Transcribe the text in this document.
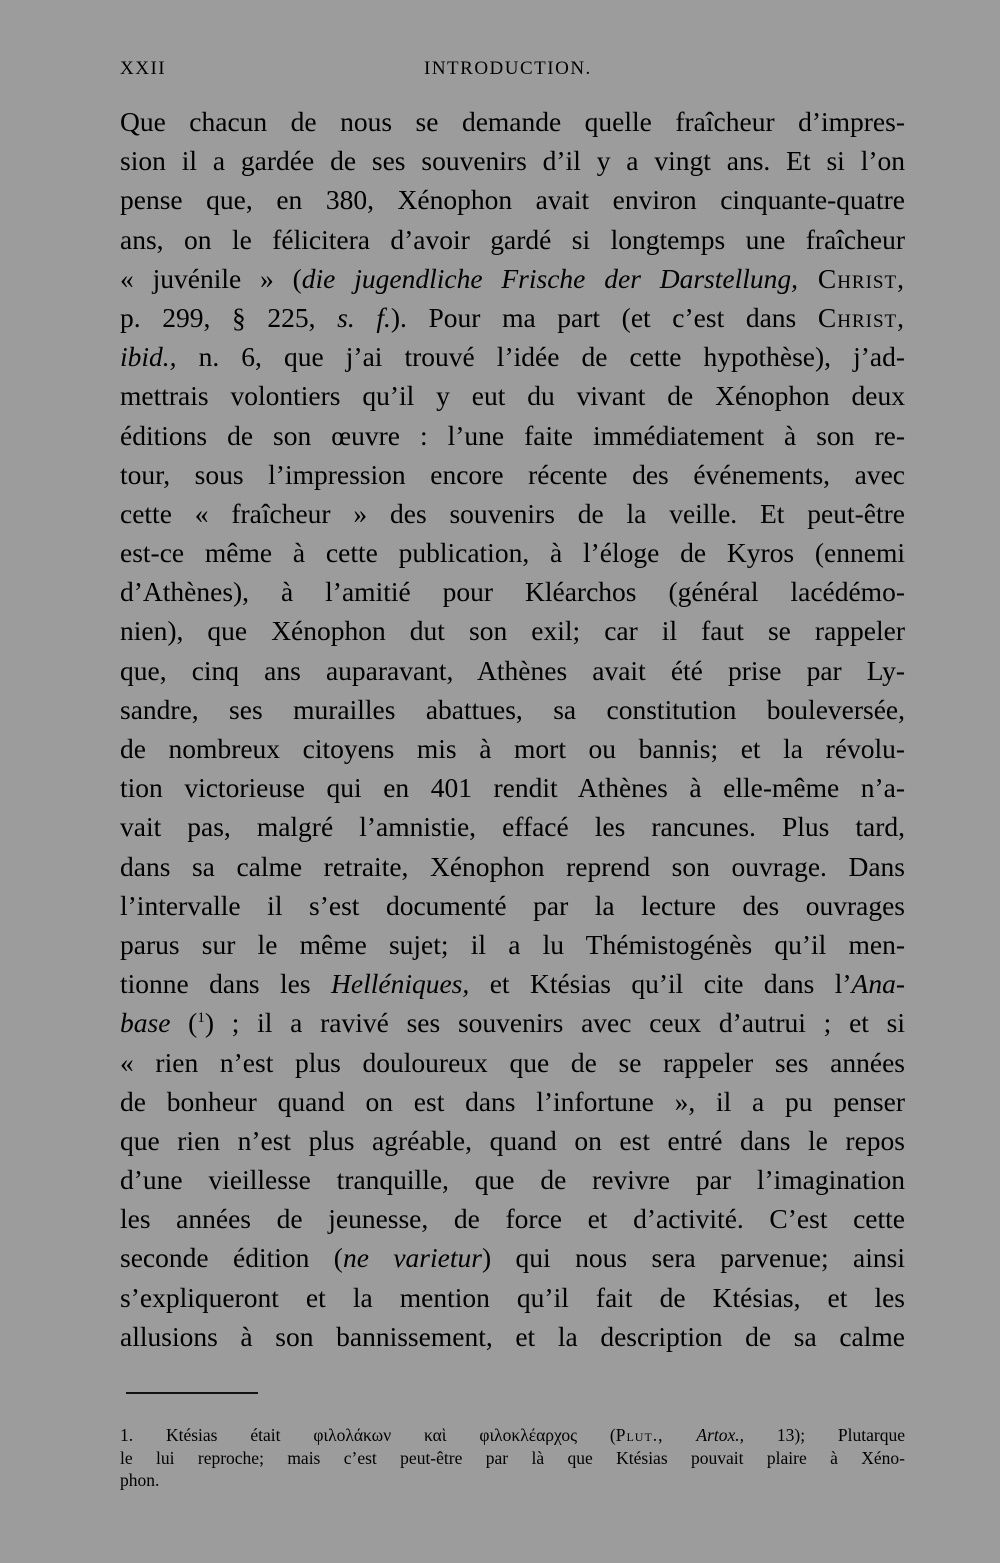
XXII	INTRODUCTION.
Que chacun de nous se demande quelle fraîcheur d’impres-
sion il a gardée de ses souvenirs d’il y a vingt ans. Et si l’on
pense que, en 380, Xénophon avait environ cinquante-quatre
ans, on le félicitera d’avoir gardé si longtemps une fraîcheur
« juvénile » (die jugendliche Frische der Darstellung, Christ,
p. 299, § 225, s. f.). Pour ma part (et c’est dans Christ,
ibid., n. 6, que j’ai trouvé l’idée de cette hypothèse), j’ad-
mettrais volontiers qu’il y eut du vivant de Xénophon deux
éditions de son œuvre : l’une faite immédiatement à son re-
tour, sous l’impression encore récente des événements, avec
cette « fraîcheur » des souvenirs de la veille. Et peut-être
est-ce même à cette publication, à l’éloge de Kyros (ennemi
d’Athènes), à l’amitié pour Kléarchos (général lacédémo-
nien), que Xénophon dut son exil; car il faut se rappeler
que, cinq ans auparavant, Athènes avait été prise par Ly-
sandre, ses murailles abattues, sa constitution bouleversée,
de nombreux citoyens mis à mort ou bannis; et la révolu-
tion victorieuse qui en 401 rendit Athènes à elle-même n’a-
vait pas, malgré l’amnistie, effacé les rancunes. Plus tard,
dans sa calme retraite, Xénophon reprend son ouvrage. Dans
l’intervalle il s’est documenté par la lecture des ouvrages
parus sur le même sujet; il a lu Thémistogénès qu’il men-
tionne dans les Helléniques, et Ktésias qu’il cite dans l’Ana-
base ($^1$) ; il a ravivé ses souvenirs avec ceux d’autrui ; et si
« rien n’est plus douloureux que de se rappeler ses années
de bonheur quand on est dans l’infortune », il a pu penser
que rien n’est plus agréable, quand on est entré dans le repos
d’une vieillesse tranquille, que de revivre par l’imagination
les années de jeunesse, de force et d’activité. C’est cette
seconde édition (ne varietur) qui nous sera parvenue; ainsi
s’expliqueront et la mention qu’il fait de Ktésias, et les
allusions à son bannissement, et la description de sa calme
1. Ktésias était φιλολάκων καὶ φιλοκλέαρχος (Plut., Artox., 13); Plutarque
le lui reproche; mais c’est peut-être par là que Ktésias pouvait plaire à Xéno-
phon.
